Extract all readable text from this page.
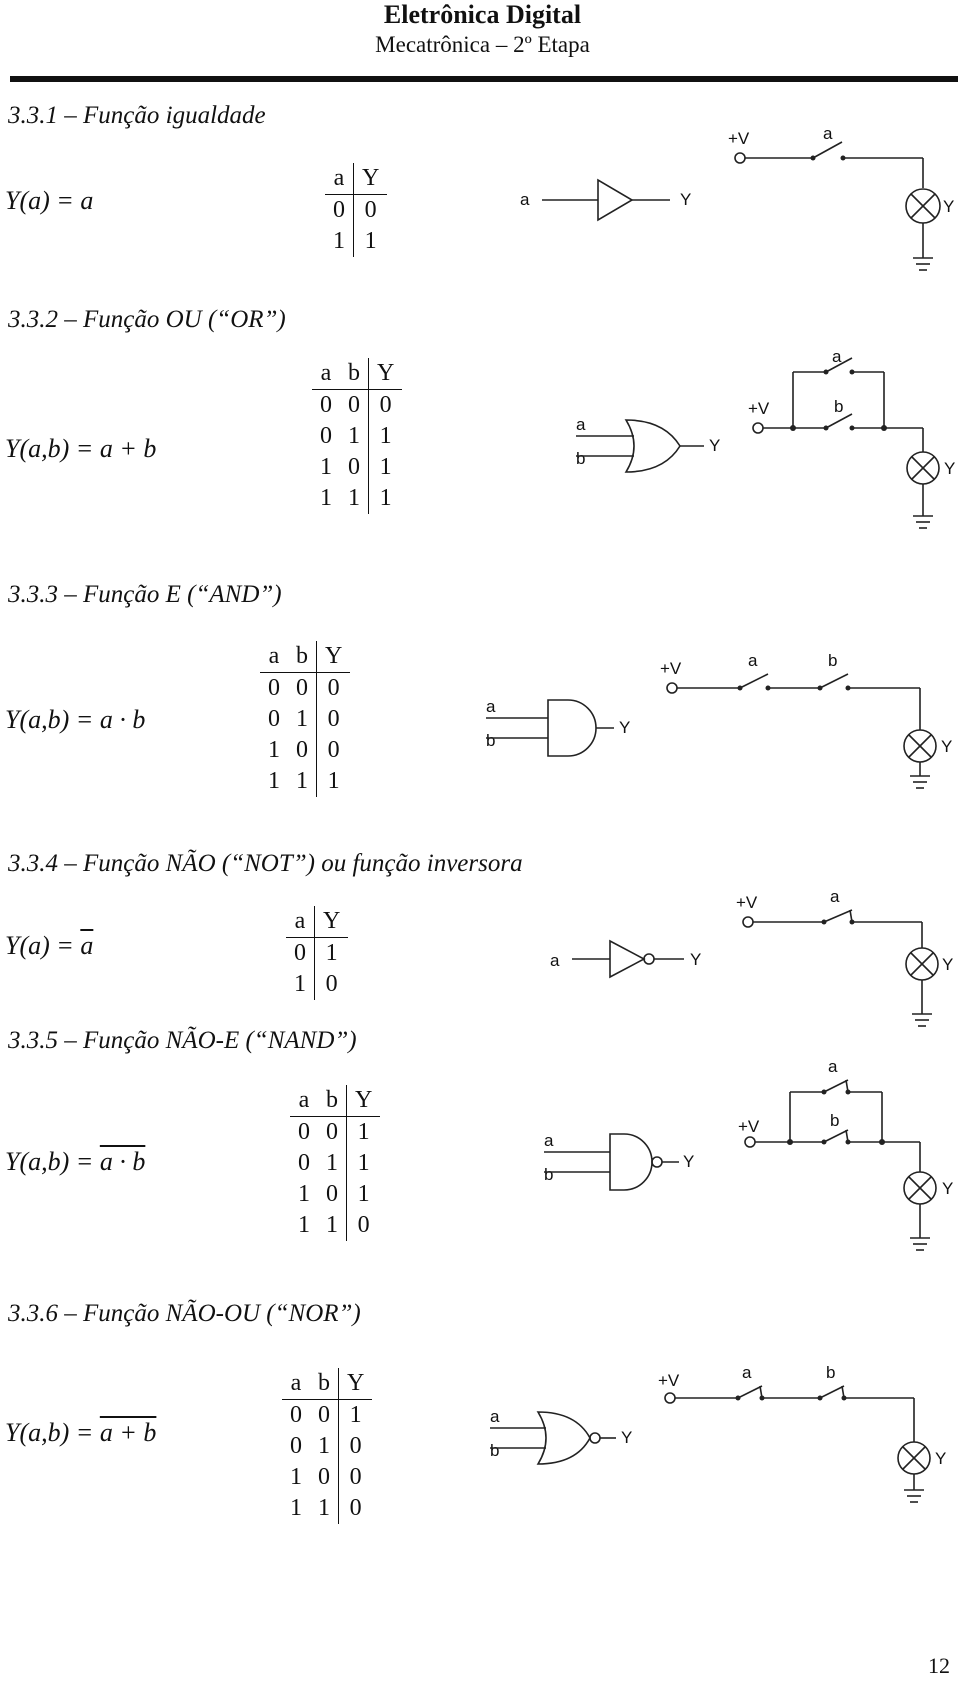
Eletrônica Digital
Mecatrônica – 2º Etapa
3.3.1 – Função igualdade
Y(a) = a
a	Y
0	0
1	1
a	Y
+V	a
Y
3.3.2 – Função OU (“OR”)
Y(a,b) = a + b
a	b	Y
0	0	0
0	1	1
1	0	1
1	1	1
a
b
Y
+V
a
b
Y
3.3.3 – Função E (“AND”)
Y(a,b) = a · b
a	b	Y
0	0	0
0	1	0
1	0	0
1	1	1
a
b
Y
+V	a	b
Y
3.3.4 – Função NÃO (“NOT”) ou função inversora
$Y(a) = \overline{a}$
a	Y
0	1
1	0
a	Y
+V	a
Y
3.3.5 – Função NÃO-E (“NAND”)
Y(a,b) = a · b
a	b	Y
0	0	1
0	1	1
1	0	1
1	1	0
a
b
Y
+V
a
b
Y
3.3.6 – Função NÃO-OU (“NOR”)
Y(a,b) = a + b
a	b	Y
0	0	1
0	1	0
1	0	0
1	1	0
a
b
Y
+V	a	b
Y
12
